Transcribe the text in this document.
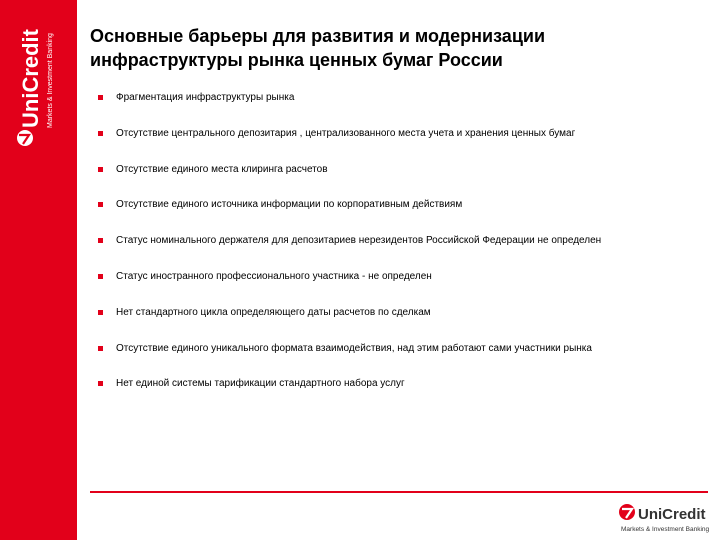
UniCredit Markets & Investment Banking Основные барьеры для развития и модернизации
инфраструктуры рынка ценных бумаг России
Фрагментация инфраструктуры рынка
Отсутствие центрального депозитария , централизованного места учета и хранения ценных бумаг
Отсутствие единого места клиринга расчетов
Отсутствие единого источника информации по корпоративным действиям
Статус номинального держателя для депозитариев нерезидентов Российской Федерации не определен
Статус иностранного профессионального участника - не определен
Нет стандартного цикла определяющего даты расчетов по сделкам
Отсутствие единого уникального формата взаимодействия, над этим работают сами участники рынка
Нет единой системы тарификации стандартного набора услуг
UniCredit
Markets & Investment Banking
